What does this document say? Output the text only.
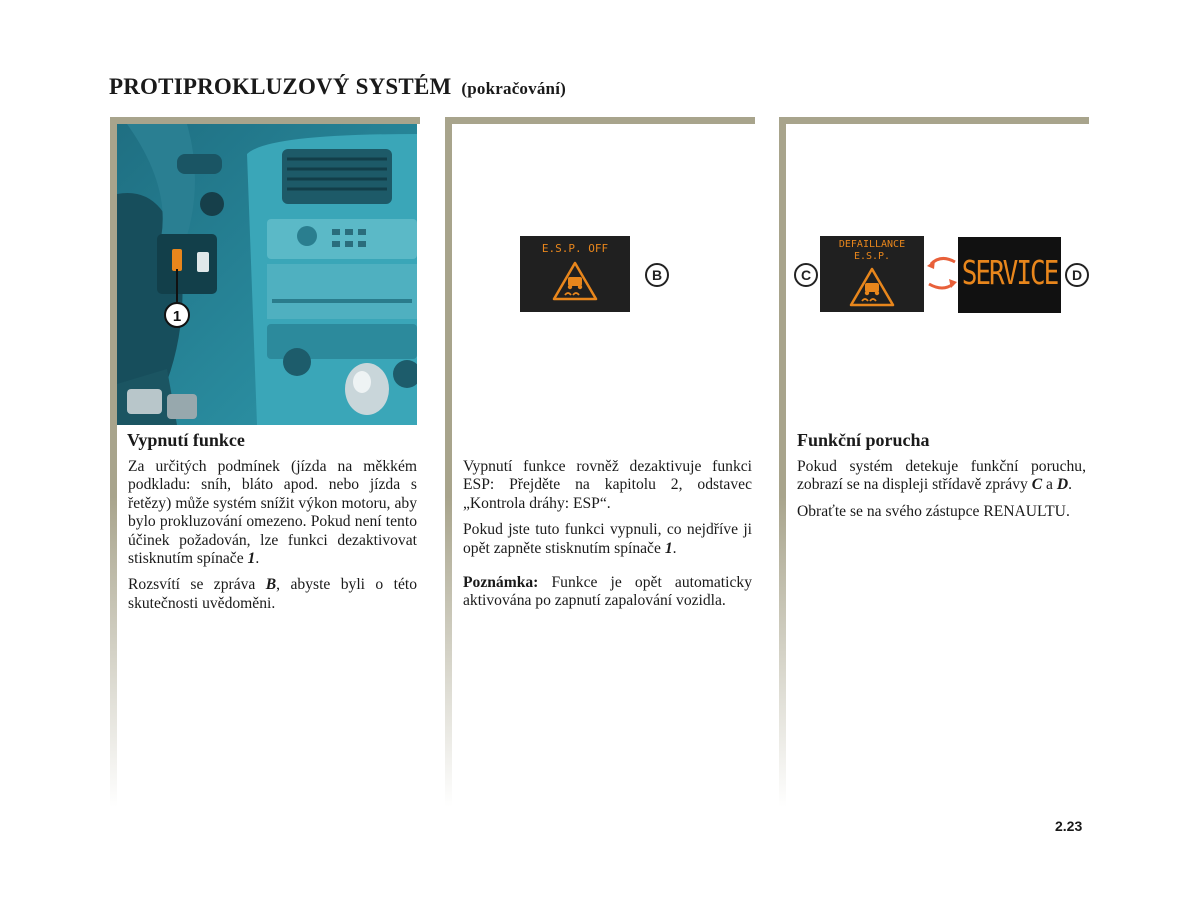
PROTIPROKLUZOVÝ SYSTÉM (pokračování)
1
Vypnutí funkce

Za určitých podmínek (jízda na měkkém podkladu: sníh, bláto apod. nebo jízda s řetězy) může systém snížit výkon motoru, aby bylo prokluzování omezeno. Pokud není tento účinek požadován, lze funkci dezaktivovat stisknutím spínače 1.

Rozsvítí se zpráva B, abyste byli o této skutečnosti uvědoměni.

E.S.P. OFF
B

Vypnutí funkce rovněž dezaktivuje funkci ESP: Přejděte na kapitolu 2, odstavec „Kontrola dráhy: ESP“.

Pokud jste tuto funkci vypnuli, co nejdříve ji opět zapněte stisknutím spínače 1.

Poznámka: Funkce je opět automaticky aktivována po zapnutí zapalování vozidla.

C
DEFAILLANCE
E.S.P.	SERVICE	D
Funkční porucha

Pokud systém detekuje funkční poruchu, zobrazí se na displeji střídavě zprávy C a D.

Obraťte se na svého zástupce RENAULTU.

2.23
